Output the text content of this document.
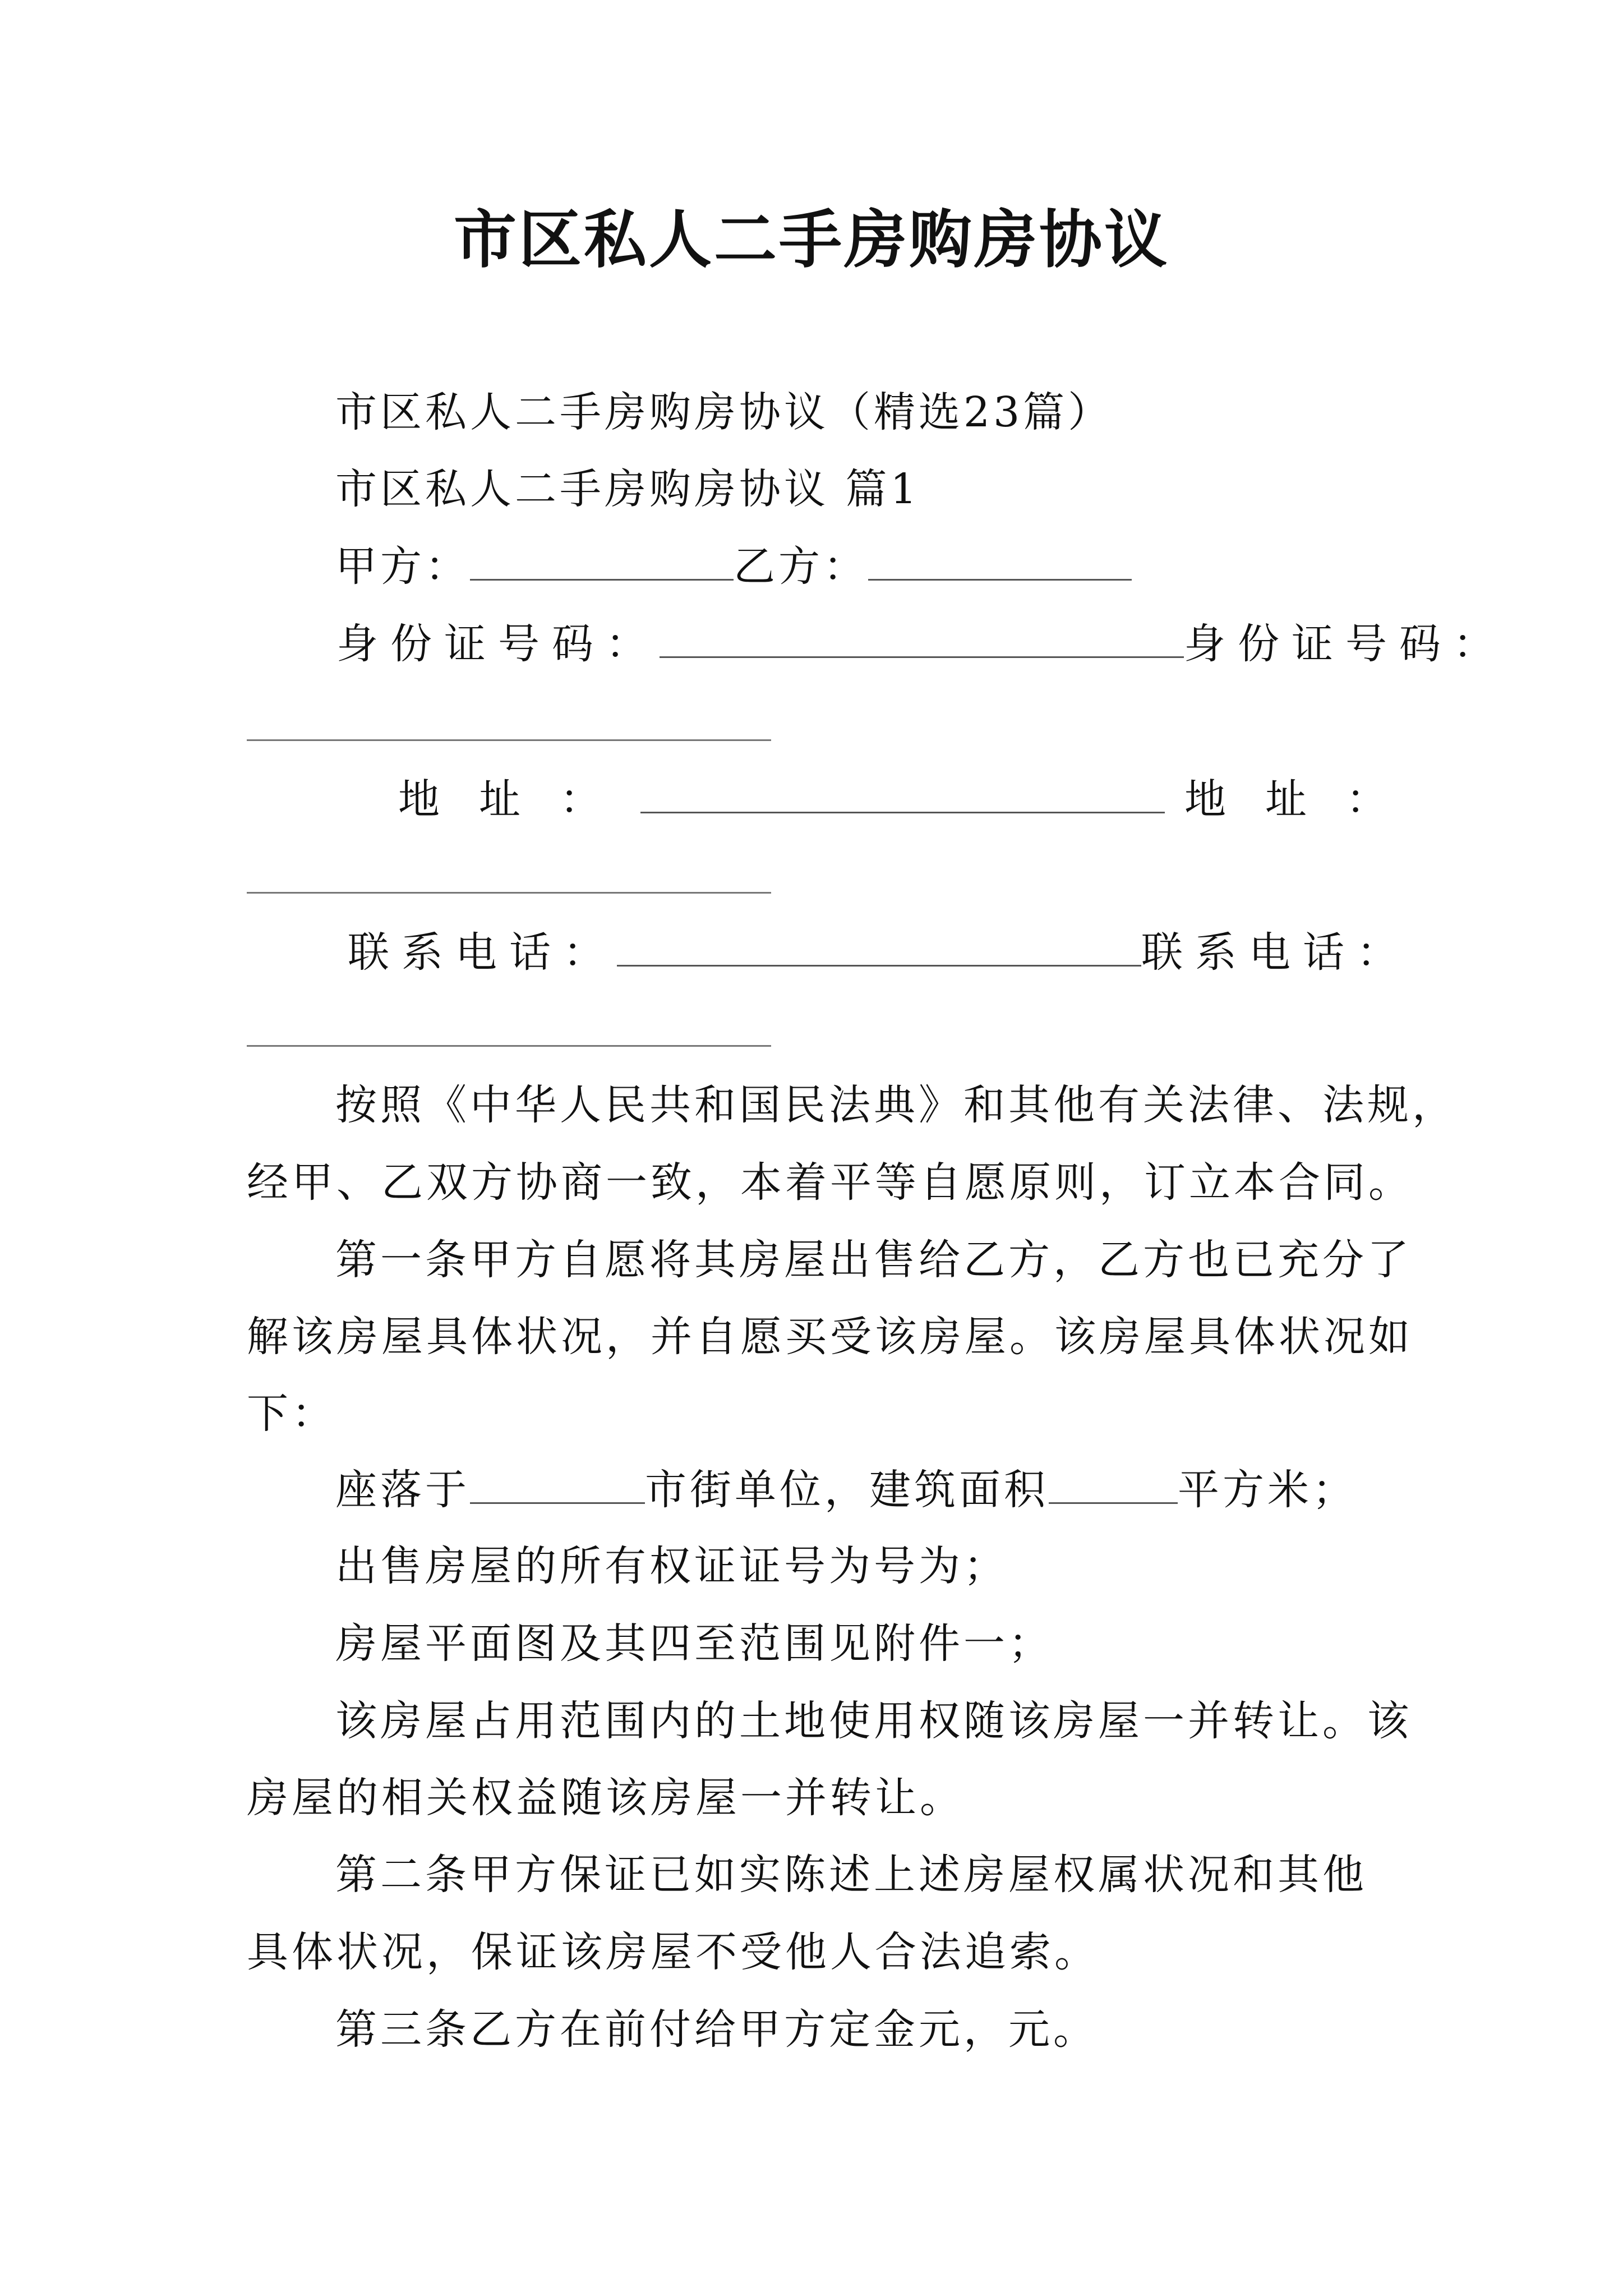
市区私人二手房购房协议
市区私人二手房购房协议（精选23篇）
市区私人二手房购房协议 篇1
甲方：	乙方：
身份证号码：	身份证号码：
地址：	地址：
联系电话：	联系电话：
按照《中华人民共和国民法典》和其他有关法律、法规，
经甲、乙双方协商一致，本着平等自愿原则，订立本合同。
第一条甲方自愿将其房屋出售给乙方，乙方也已充分了
解该房屋具体状况，并自愿买受该房屋。该房屋具体状况如
下：
座落于	市街单位，建筑面积	平方米；
出售房屋的所有权证证号为号为；
房屋平面图及其四至范围见附件一；
该房屋占用范围内的土地使用权随该房屋一并转让。该
房屋的相关权益随该房屋一并转让。
第二条甲方保证已如实陈述上述房屋权属状况和其他
具体状况，保证该房屋不受他人合法追索。
第三条乙方在前付给甲方定金元，元。
